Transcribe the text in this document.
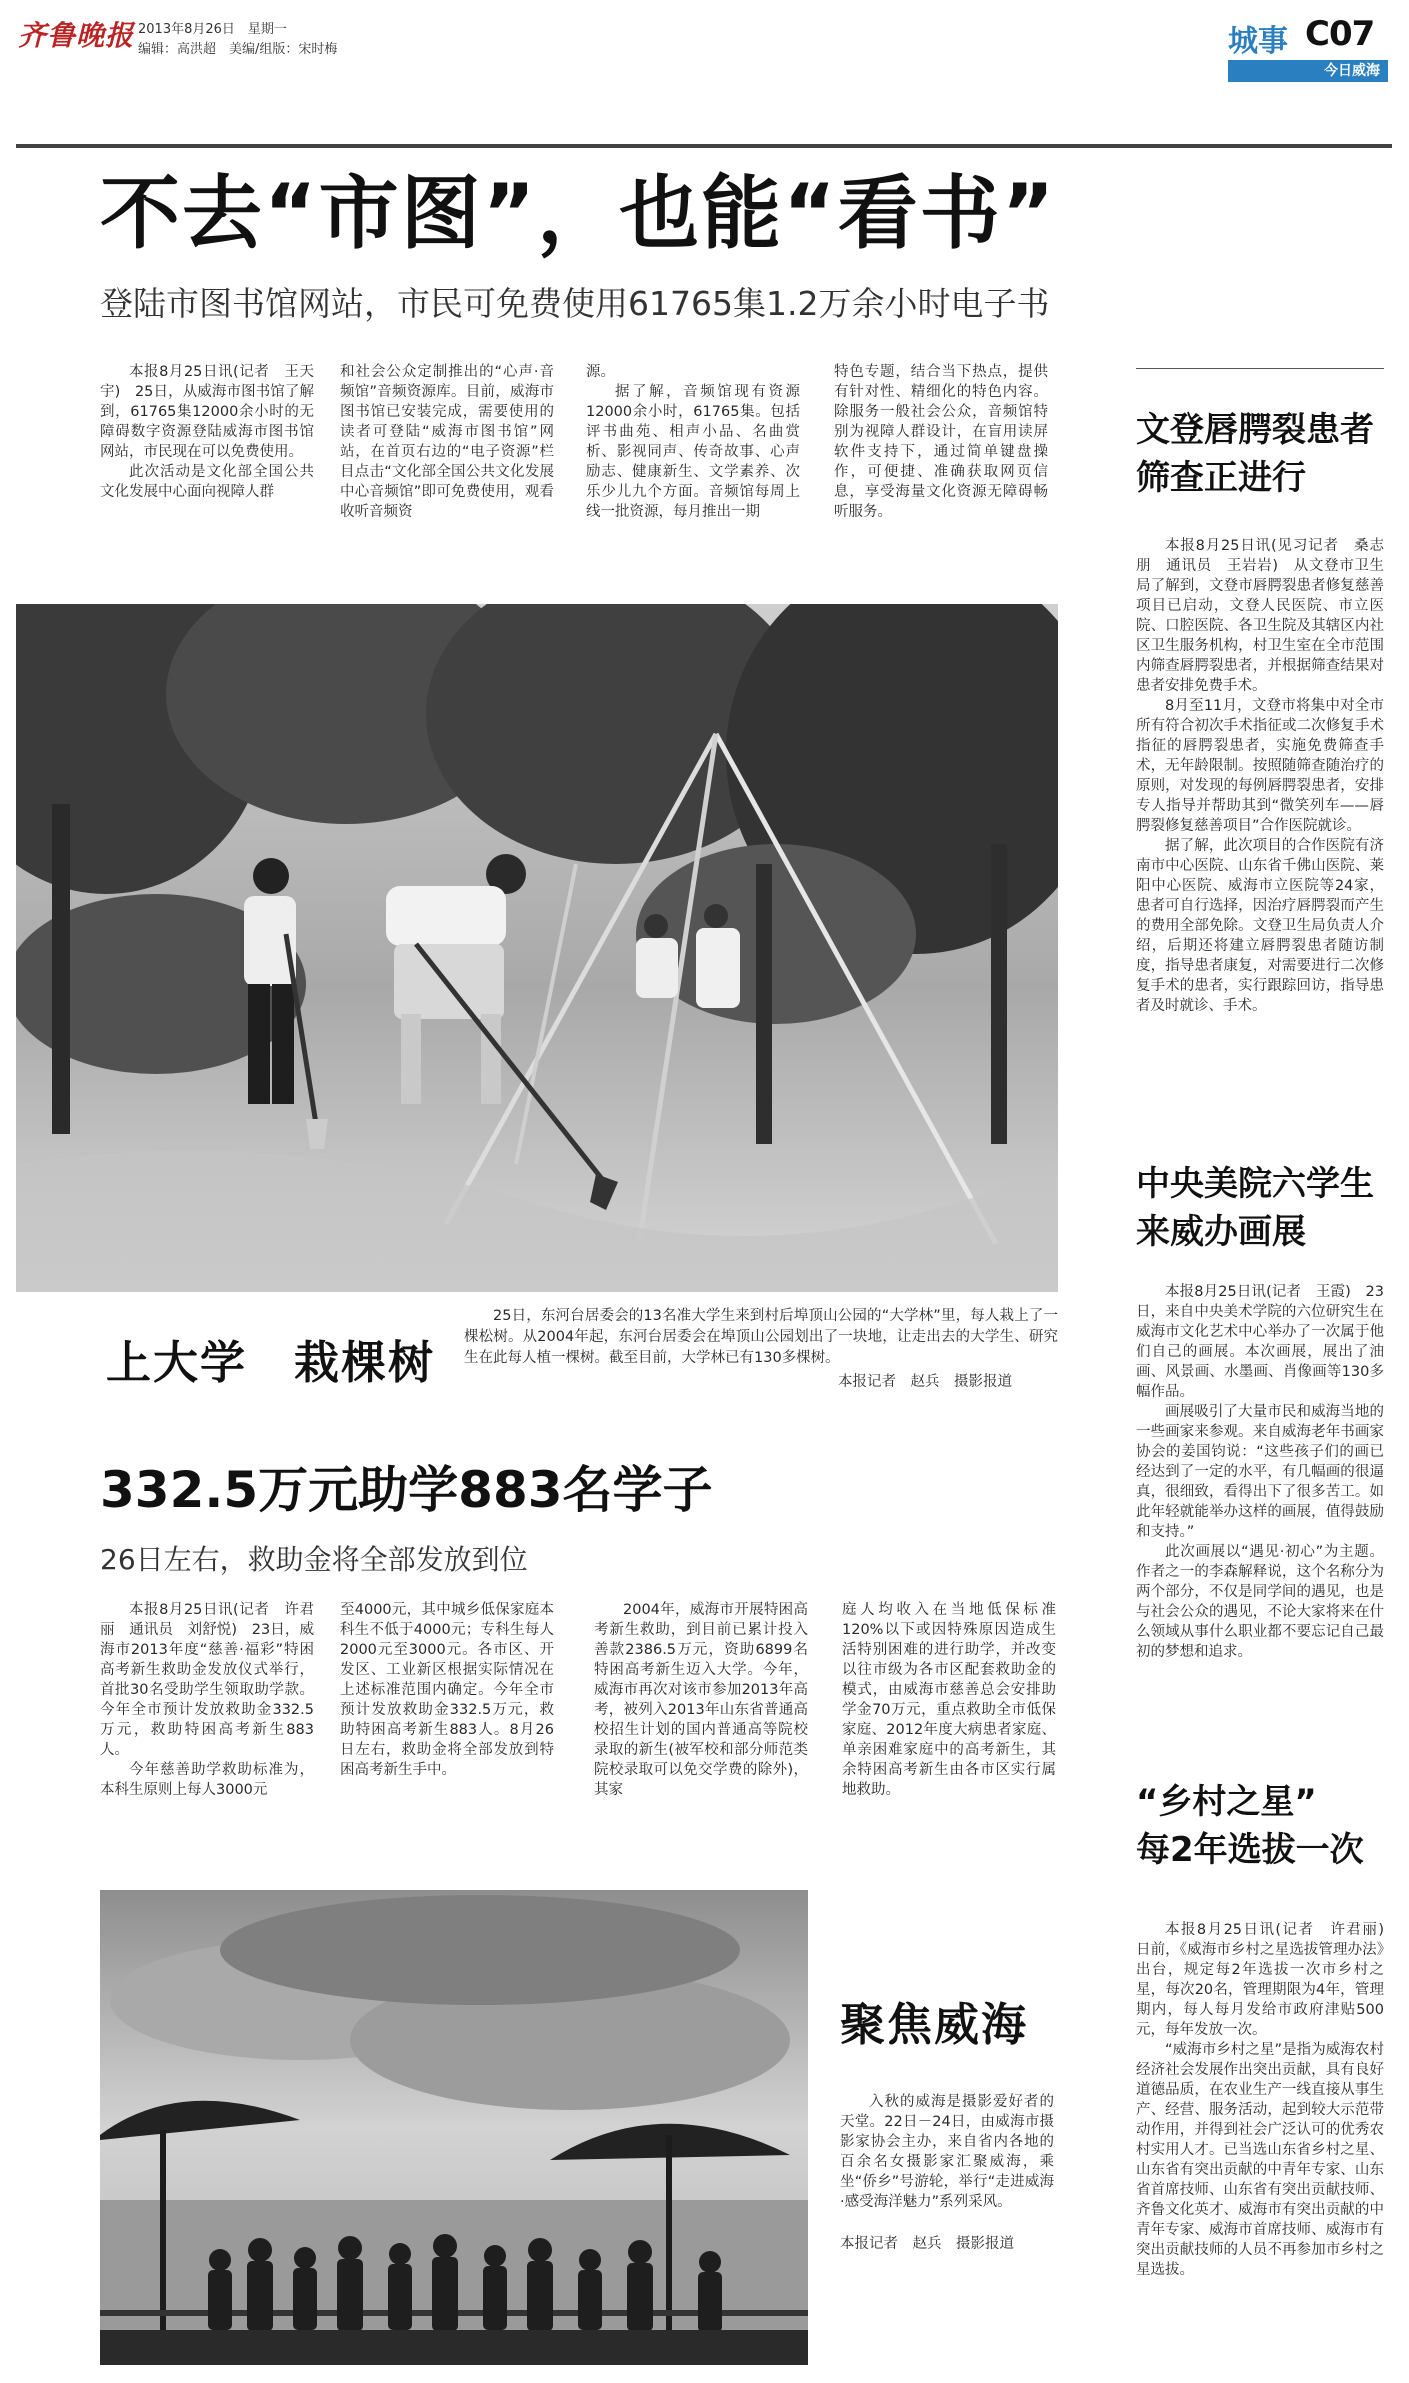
齐鲁晚报 2013年8月26日　星期一
编辑：高洪超　美编/组版：宋时梅	城事 C07
今日威海
不去“市图”，也能“看书”
登陆市图书馆网站，市民可免费使用61765集1.2万余小时电子书

本报8月25日讯(记者　王天宇)　25日，从威海市图书馆了解到，61765集12000余小时的无障碍数字资源登陆威海市图书馆网站，市民现在可以免费使用。

此次活动是文化部全国公共文化发展中心面向视障人群

和社会公众定制推出的“心声·音频馆”音频资源库。目前，威海市图书馆已安装完成，需要使用的读者可登陆“威海市图书馆”网站，在首页右边的“电子资源”栏目点击“文化部全国公共文化发展中心音频馆”即可免费使用，观看收听音频资

源。

据了解，音频馆现有资源12000余小时，61765集。包括评书曲苑、相声小品、名曲赏析、影视同声、传奇故事、心声励志、健康新生、文学素养、次乐少儿九个方面。音频馆每周上线一批资源，每月推出一期

特色专题，结合当下热点，提供有针对性、精细化的特色内容。除服务一般社会公众，音频馆特别为视障人群设计，在盲用读屏软件支持下，通过简单键盘操作，可便捷、准确获取网页信息，享受海量文化资源无障碍畅听服务。

上大学　栽棵树
25日，东河台居委会的13名准大学生来到村后埠顶山公园的“大学林”里，每人栽上了一棵松树。从2004年起，东河台居委会在埠顶山公园划出了一块地，让走出去的大学生、研究生在此每人植一棵树。截至目前，大学林已有130多棵树。
本报记者　赵兵　摄影报道
332.5万元助学883名学子
26日左右，救助金将全部发放到位

本报8月25日讯(记者　许君丽　通讯员　刘舒悦)　23日，威海市2013年度“慈善·福彩”特困高考新生救助金发放仪式举行，首批30名受助学生领取助学款。今年全市预计发放救助金332.5万元，救助特困高考新生883人。

今年慈善助学救助标准为，本科生原则上每人3000元

至4000元，其中城乡低保家庭本科生不低于4000元；专科生每人2000元至3000元。各市区、开发区、工业新区根据实际情况在上述标准范围内确定。今年全市预计发放救助金332.5万元，救助特困高考新生883人。8月26日左右，救助金将全部发放到特困高考新生手中。

2004年，威海市开展特困高考新生救助，到目前已累计投入善款2386.5万元，资助6899名特困高考新生迈入大学。今年，威海市再次对该市参加2013年高考，被列入2013年山东省普通高校招生计划的国内普通高等院校录取的新生(被军校和部分师范类院校录取可以免交学费的除外)，其家

庭人均收入在当地低保标准120%以下或因特殊原因造成生活特别困难的进行助学，并改变以往市级为各市区配套救助金的模式，由威海市慈善总会安排助学金70万元，重点救助全市低保家庭、2012年度大病患者家庭、单亲困难家庭中的高考新生，其余特困高考新生由各市区实行属地救助。

聚焦威海
入秋的威海是摄影爱好者的天堂。22日－24日，由威海市摄影家协会主办，来自省内各地的百余名女摄影家汇聚威海，乘坐“侨乡”号游轮，举行“走进威海·感受海洋魅力”系列采风。
本报记者　赵兵　摄影报道
文登唇腭裂患者
筛查正进行

本报8月25日讯(见习记者　桑志朋　通讯员　王岩岩)　从文登市卫生局了解到，文登市唇腭裂患者修复慈善项目已启动，文登人民医院、市立医院、口腔医院、各卫生院及其辖区内社区卫生服务机构，村卫生室在全市范围内筛查唇腭裂患者，并根据筛查结果对患者安排免费手术。

8月至11月，文登市将集中对全市所有符合初次手术指征或二次修复手术指征的唇腭裂患者，实施免费筛查手术，无年龄限制。按照随筛查随治疗的原则，对发现的每例唇腭裂患者，安排专人指导并帮助其到“微笑列车——唇腭裂修复慈善项目”合作医院就诊。

据了解，此次项目的合作医院有济南市中心医院、山东省千佛山医院、莱阳中心医院、威海市立医院等24家，患者可自行选择，因治疗唇腭裂而产生的费用全部免除。文登卫生局负责人介绍，后期还将建立唇腭裂患者随访制度，指导患者康复，对需要进行二次修复手术的患者，实行跟踪回访，指导患者及时就诊、手术。

中央美院六学生
来威办画展

本报8月25日讯(记者　王霞)　23日，来自中央美术学院的六位研究生在威海市文化艺术中心举办了一次属于他们自己的画展。本次画展，展出了油画、风景画、水墨画、肖像画等130多幅作品。

画展吸引了大量市民和威海当地的一些画家来参观。来自威海老年书画家协会的姜国钧说：“这些孩子们的画已经达到了一定的水平，有几幅画的很逼真，很细致，看得出下了很多苦工。如此年轻就能举办这样的画展，值得鼓励和支持。”

此次画展以“遇见·初心”为主题。作者之一的李森解释说，这个名称分为两个部分，不仅是同学间的遇见，也是与社会公众的遇见，不论大家将来在什么领域从事什么职业都不要忘记自己最初的梦想和追求。

“乡村之星”
每2年选拔一次

本报8月25日讯(记者　许君丽)　日前，《威海市乡村之星选拔管理办法》出台，规定每2年选拔一次市乡村之星，每次20名，管理期限为4年，管理期内，每人每月发给市政府津贴500元，每年发放一次。

“威海市乡村之星”是指为威海农村经济社会发展作出突出贡献，具有良好道德品质，在农业生产一线直接从事生产、经营、服务活动，起到较大示范带动作用，并得到社会广泛认可的优秀农村实用人才。已当选山东省乡村之星、山东省有突出贡献的中青年专家、山东省首席技师、山东省有突出贡献技师、齐鲁文化英才、威海市有突出贡献的中青年专家、威海市首席技师、威海市有突出贡献技师的人员不再参加市乡村之星选拔。
